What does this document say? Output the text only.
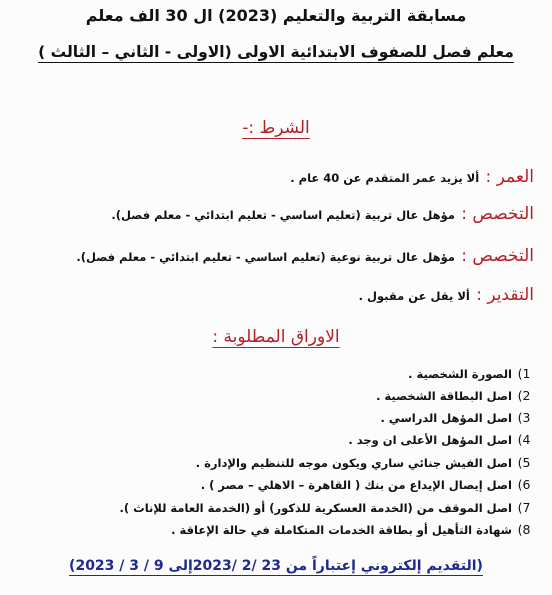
مسابقة التربية والتعليم (2023) ال 30 الف معلم
معلم فصل للصفوف الابتدائية الاولى (الاولى - الثاني – الثالث )
الشرط :-
العمر : ألا يزيد عمر المتقدم عن 40 عام .
التخصص : مؤهل عال تربية (تعليم اساسي - تعليم ابتدائي - معلم فصل).
التخصص : مؤهل عال تربية نوعية (تعليم اساسي - تعليم ابتدائي - معلم فصل).
التقدير : ألا يقل عن مقبول .
الاوراق المطلوبة :
1)الصورة الشخصية .
2)اصل البطاقة الشخصية .
3)اصل المؤهل الدراسي .
4)اصل المؤهل الأعلى ان وجد .
5)اصل الفيش جنائي ساري ويكون موجه للتنظيم والإدارة .
6)اصل إيصال الإيداع من بنك ( القاهرة – الاهلي – مصر ) .
7)اصل الموقف من (الخدمة العسكرية للذكور) أو (الخدمة العامة للإناث ).
8)شهادة التأهيل أو بطاقة الخدمات المتكاملة في حالة الإعاقة .
(التقديم إلكتروني إعتباراً من 23 /2 /2023إلى 9 / 3 / 2023)
